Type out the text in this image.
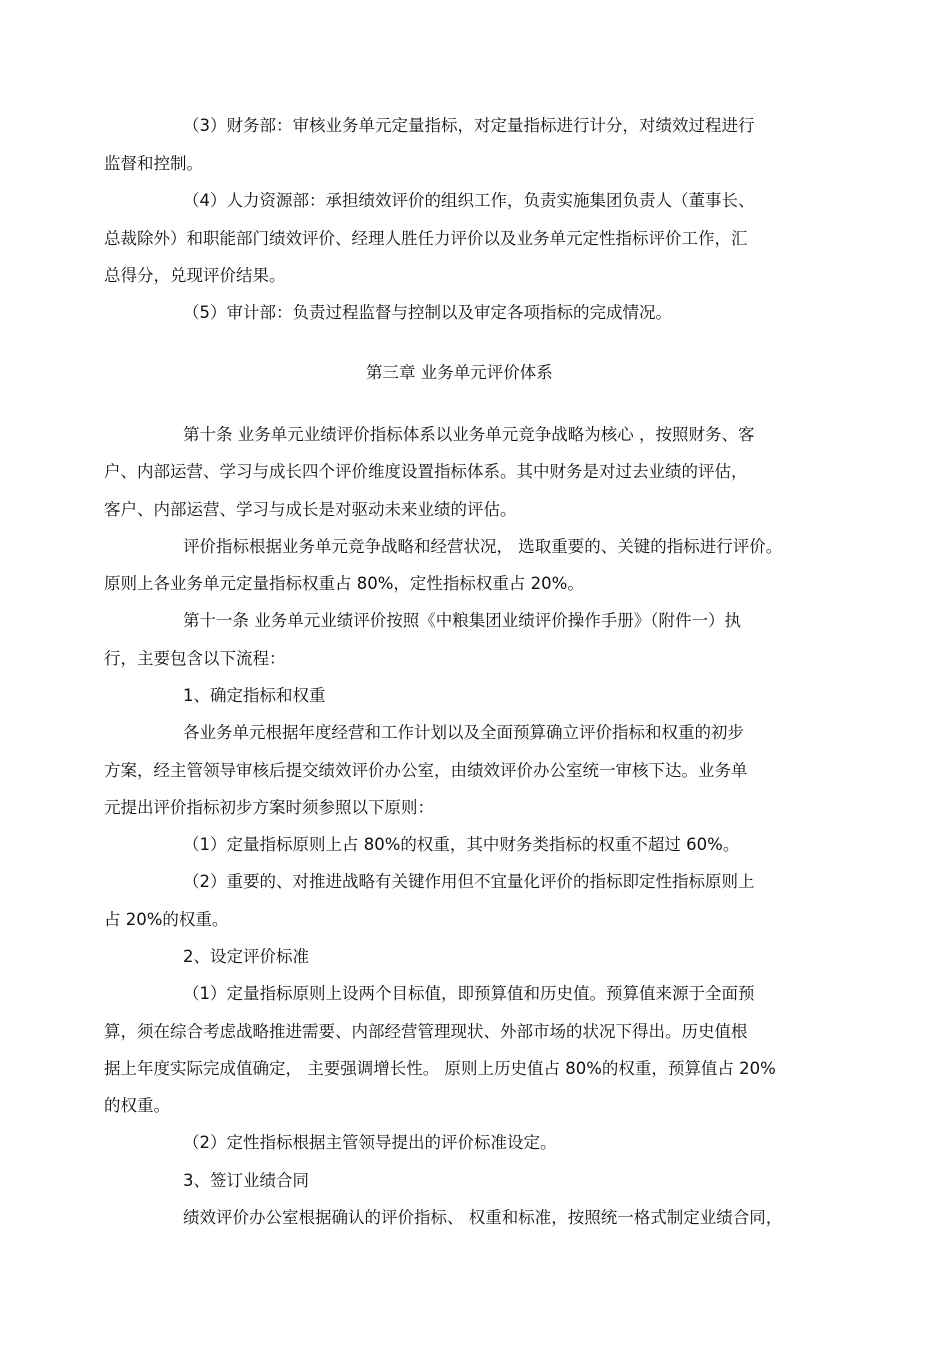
（3）财务部：审核业务单元定量指标，对定量指标进行计分，对绩效过程进行
监督和控制。
（4）人力资源部：承担绩效评价的组织工作，负责实施集团负责人（董事长、
总裁除外）和职能部门绩效评价、经理人胜任力评价以及业务单元定性指标评价工作，汇
总得分，兑现评价结果。
（5）审计部：负责过程监督与控制以及审定各项指标的完成情况。
第三章 业务单元评价体系
第十条 业务单元业绩评价指标体系以业务单元竞争战略为核心 ，按照财务、客
户、内部运营、学习与成长四个评价维度设置指标体系。其中财务是对过去业绩的评估，
客户、内部运营、学习与成长是对驱动未来业绩的评估。
评价指标根据业务单元竞争战略和经营状况， 选取重要的、关键的指标进行评价。
原则上各业务单元定量指标权重占 80%，定性指标权重占 20%。
第十一条 业务单元业绩评价按照《中粮集团业绩评价操作手册》（附件一）执
行，主要包含以下流程：
1、确定指标和权重
各业务单元根据年度经营和工作计划以及全面预算确立评价指标和权重的初步
方案，经主管领导审核后提交绩效评价办公室，由绩效评价办公室统一审核下达。业务单
元提出评价指标初步方案时须参照以下原则：
（1）定量指标原则上占 80%的权重，其中财务类指标的权重不超过 60%。
（2）重要的、对推进战略有关键作用但不宜量化评价的指标即定性指标原则上
占 20%的权重。
2、设定评价标准
（1）定量指标原则上设两个目标值，即预算值和历史值。预算值来源于全面预
算，须在综合考虑战略推进需要、内部经营管理现状、外部市场的状况下得出。历史值根
据上年度实际完成值确定， 主要强调增长性。 原则上历史值占 80%的权重，预算值占 20%
的权重。
（2）定性指标根据主管领导提出的评价标准设定。
3、签订业绩合同
绩效评价办公室根据确认的评价指标、 权重和标准，按照统一格式制定业绩合同，
